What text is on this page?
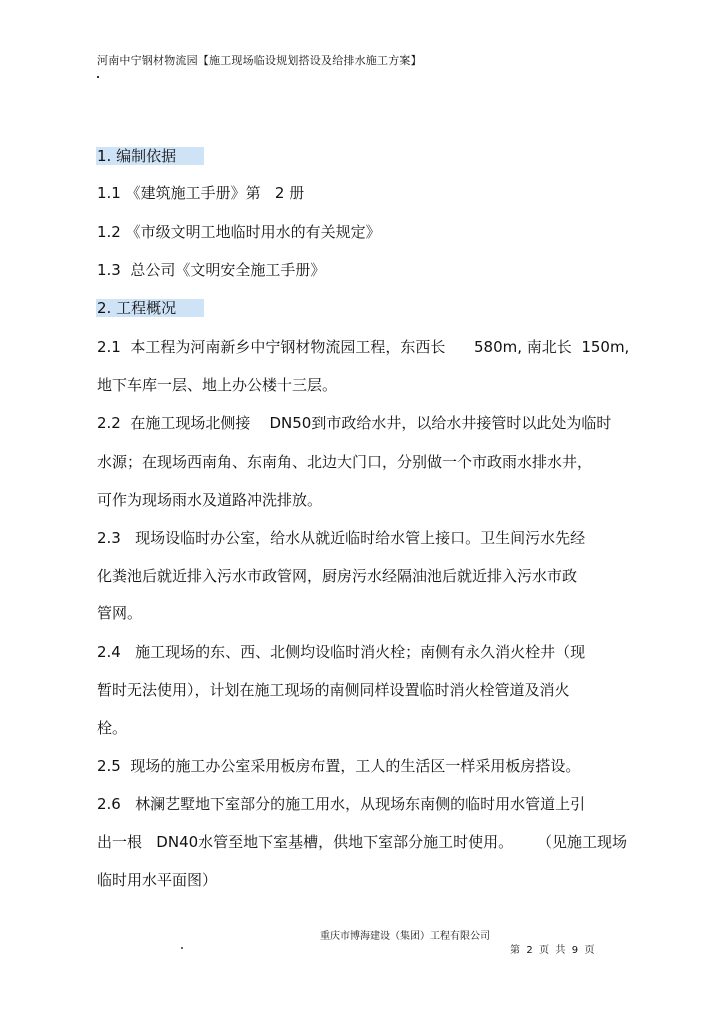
河南中宁钢材物流园【施工现场临设规划搭设及给排水施工方案】
1. 编制依据
1.1 《建筑施工手册》第   2 册
1.2 《市级文明工地临时用水的有关规定》
1.3  总公司《文明安全施工手册》
2. 工程概况
2.1  本工程为河南新乡中宁钢材物流园工程，东西长      580m, 南北长  150m,
地下车库一层、地上办公楼十三层。
2.2  在施工现场北侧接    DN50到市政给水井，以给水井接管时以此处为临时
水源；在现场西南角、东南角、北边大门口，分别做一个市政雨水排水井，
可作为现场雨水及道路冲洗排放。
2.3   现场设临时办公室，给水从就近临时给水管上接口。卫生间污水先经
化粪池后就近排入污水市政管网，厨房污水经隔油池后就近排入污水市政
管网。
2.4   施工现场的东、西、北侧均设临时消火栓；南侧有永久消火栓井（现
暂时无法使用），计划在施工现场的南侧同样设置临时消火栓管道及消火
栓。
2.5  现场的施工办公室采用板房布置，工人的生活区一样采用板房搭设。
2.6   林澜艺墅地下室部分的施工用水，从现场东南侧的临时用水管道上引
出一根   DN40水管至地下室基槽，供地下室部分施工时使用。     （见施工现场
临时用水平面图）
重庆市博海建设（集团）工程有限公司
第  2  页  共  9  页
